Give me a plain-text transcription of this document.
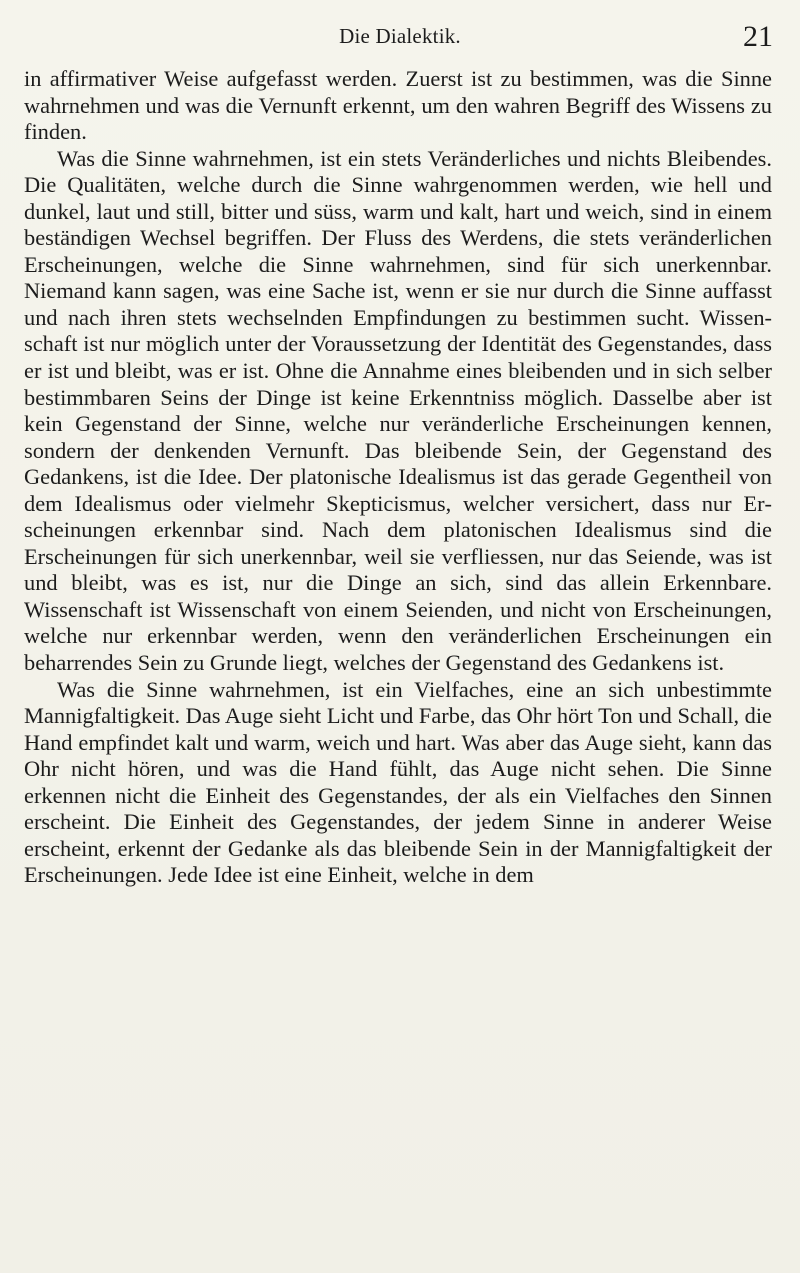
Die Dialektik.	21

in affirmativer Weise aufgefasst werden. Zuerst ist zu bestimmen, was die Sinne wahrnehmen und was die Vernunft erkennt, um den wahren Begriff des Wissens zu finden.

Was die Sinne wahrnehmen, ist ein stets Veränderliches und nichts Bleibendes. Die Qualitäten, welche durch die Sinne wahrgenommen werden, wie hell und dunkel, laut und still, bitter und süss, warm und kalt, hart und weich, sind in einem beständigen Wechsel begriffen. Der Fluss des Werdens, die stets veränderlichen Erscheinungen, welche die Sinne wahrnehmen, sind für sich unerkennbar. Niemand kann sagen, was eine Sache ist, wenn er sie nur durch die Sinne auffasst und nach ihren stets wechselnden Empfindungen zu bestimmen sucht. Wissenschaft ist nur möglich unter der Voraussetzung der Identität des Gegenstandes, dass er ist und bleibt, was er ist. Ohne die Annahme eines bleibenden und in sich selber bestimmbaren Seins der Dinge ist keine Erkenntniss möglich. Dasselbe aber ist kein Gegenstand der Sinne, welche nur veränderliche Erscheinungen kennen, sondern der denkenden Vernunft. Das bleibende Sein, der Gegenstand des Gedankens, ist die Idee. Der platonische Idealismus ist das gerade Gegentheil von dem Idealismus oder vielmehr Skepticismus, welcher versichert, dass nur Erscheinungen erkennbar sind. Nach dem platonischen Idealismus sind die Erscheinungen für sich unerkennbar, weil sie verfliessen, nur das Seiende, was ist und bleibt, was es ist, nur die Dinge an sich, sind das allein Erkennbare. Wissenschaft ist Wissenschaft von einem Seienden, und nicht von Erscheinungen, welche nur erkennbar werden, wenn den veränderlichen Erscheinungen ein beharrendes Sein zu Grunde liegt, welches der Gegenstand des Gedankens ist.

Was die Sinne wahrnehmen, ist ein Vielfaches, eine an sich unbestimmte Mannigfaltigkeit. Das Auge sieht Licht und Farbe, das Ohr hört Ton und Schall, die Hand empfindet kalt und warm, weich und hart. Was aber das Auge sieht, kann das Ohr nicht hören, und was die Hand fühlt, das Auge nicht sehen. Die Sinne erkennen nicht die Einheit des Gegenstandes, der als ein Vielfaches den Sinnen erscheint. Die Einheit des Gegenstandes, der jedem Sinne in anderer Weise erscheint, erkennt der Gedanke als das bleibende Sein in der Mannigfaltigkeit der Erscheinungen. Jede Idee ist eine Einheit, welche in dem
